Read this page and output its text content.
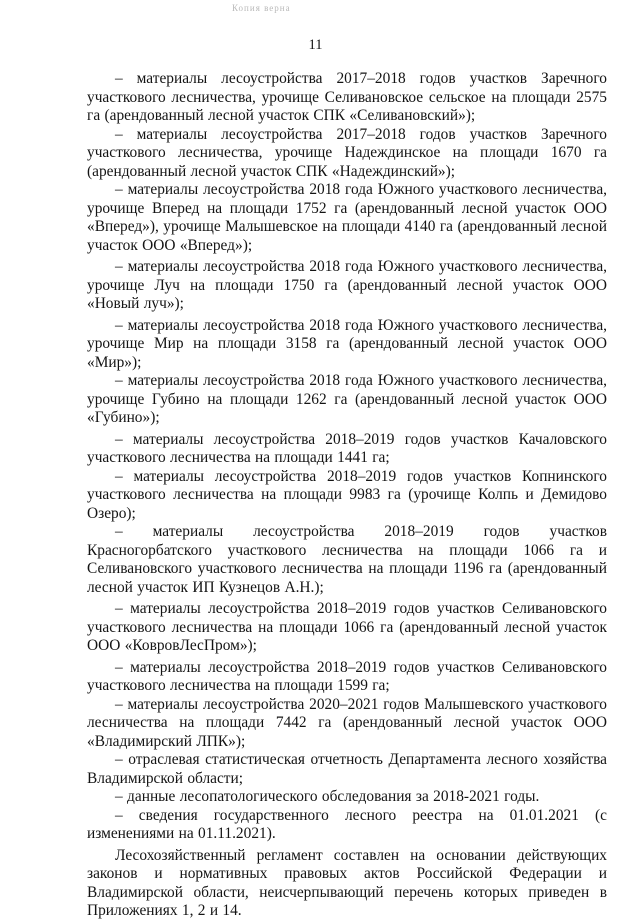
Копия верна
11

– материалы лесоустройства 2017–2018 годов участков Заречного участкового лесничества, урочище Селивановское сельское на площади 2575 га (арендованный лесной участок СПК «Селивановский»);

– материалы лесоустройства 2017–2018 годов участков Заречного участкового лесничества, урочище Надеждинское на площади 1670 га (арендованный лесной участок СПК «Надеждинский»);

– материалы лесоустройства 2018 года Южного участкового лесничества, урочище Вперед на площади 1752 га (арендованный лесной участок ООО «Вперед»), урочище Малышевское на площади 4140 га (арендованный лесной участок ООО «Вперед»);

– материалы лесоустройства 2018 года Южного участкового лесничества, урочище Луч на площади 1750 га (арендованный лесной участок ООО «Новый луч»);

– материалы лесоустройства 2018 года Южного участкового лесничества, урочище Мир на площади 3158 га (арендованный лесной участок ООО «Мир»);

– материалы лесоустройства 2018 года Южного участкового лесничества, урочище Губино на площади 1262 га (арендованный лесной участок ООО «Губино»);

– материалы лесоустройства 2018–2019 годов участков Качаловского участкового лесничества на площади 1441 га;

– материалы лесоустройства 2018–2019 годов участков Копнинского участкового лесничества на площади 9983 га (урочище Колпь и Демидово Озеро);

– материалы лесоустройства 2018–2019 годов участков Красногорбатского участкового лесничества на площади 1066 га и Селивановского участкового лесничества на площади 1196 га (арендованный лесной участок ИП Кузнецов А.Н.);

– материалы лесоустройства 2018–2019 годов участков Селивановского участкового лесничества на площади 1066 га (арендованный лесной участок ООО «КовровЛесПром»);

– материалы лесоустройства 2018–2019 годов участков Селивановского участкового лесничества на площади 1599 га;

– материалы лесоустройства 2020–2021 годов Малышевского участкового лесничества на площади 7442 га (арендованный лесной участок ООО «Владимирский ЛПК»);

– отраслевая статистическая отчетность Департамента лесного хозяйства Владимирской области;

– данные лесопатологического обследования за 2018-2021 годы.

– сведения государственного лесного реестра на 01.01.2021 (с изменениями на 01.11.2021).

Лесохозяйственный регламент составлен на основании действующих законов и нормативных правовых актов Российской Федерации и Владимирской области, неисчерпывающий перечень которых приведен в Приложениях 1, 2 и 14.
